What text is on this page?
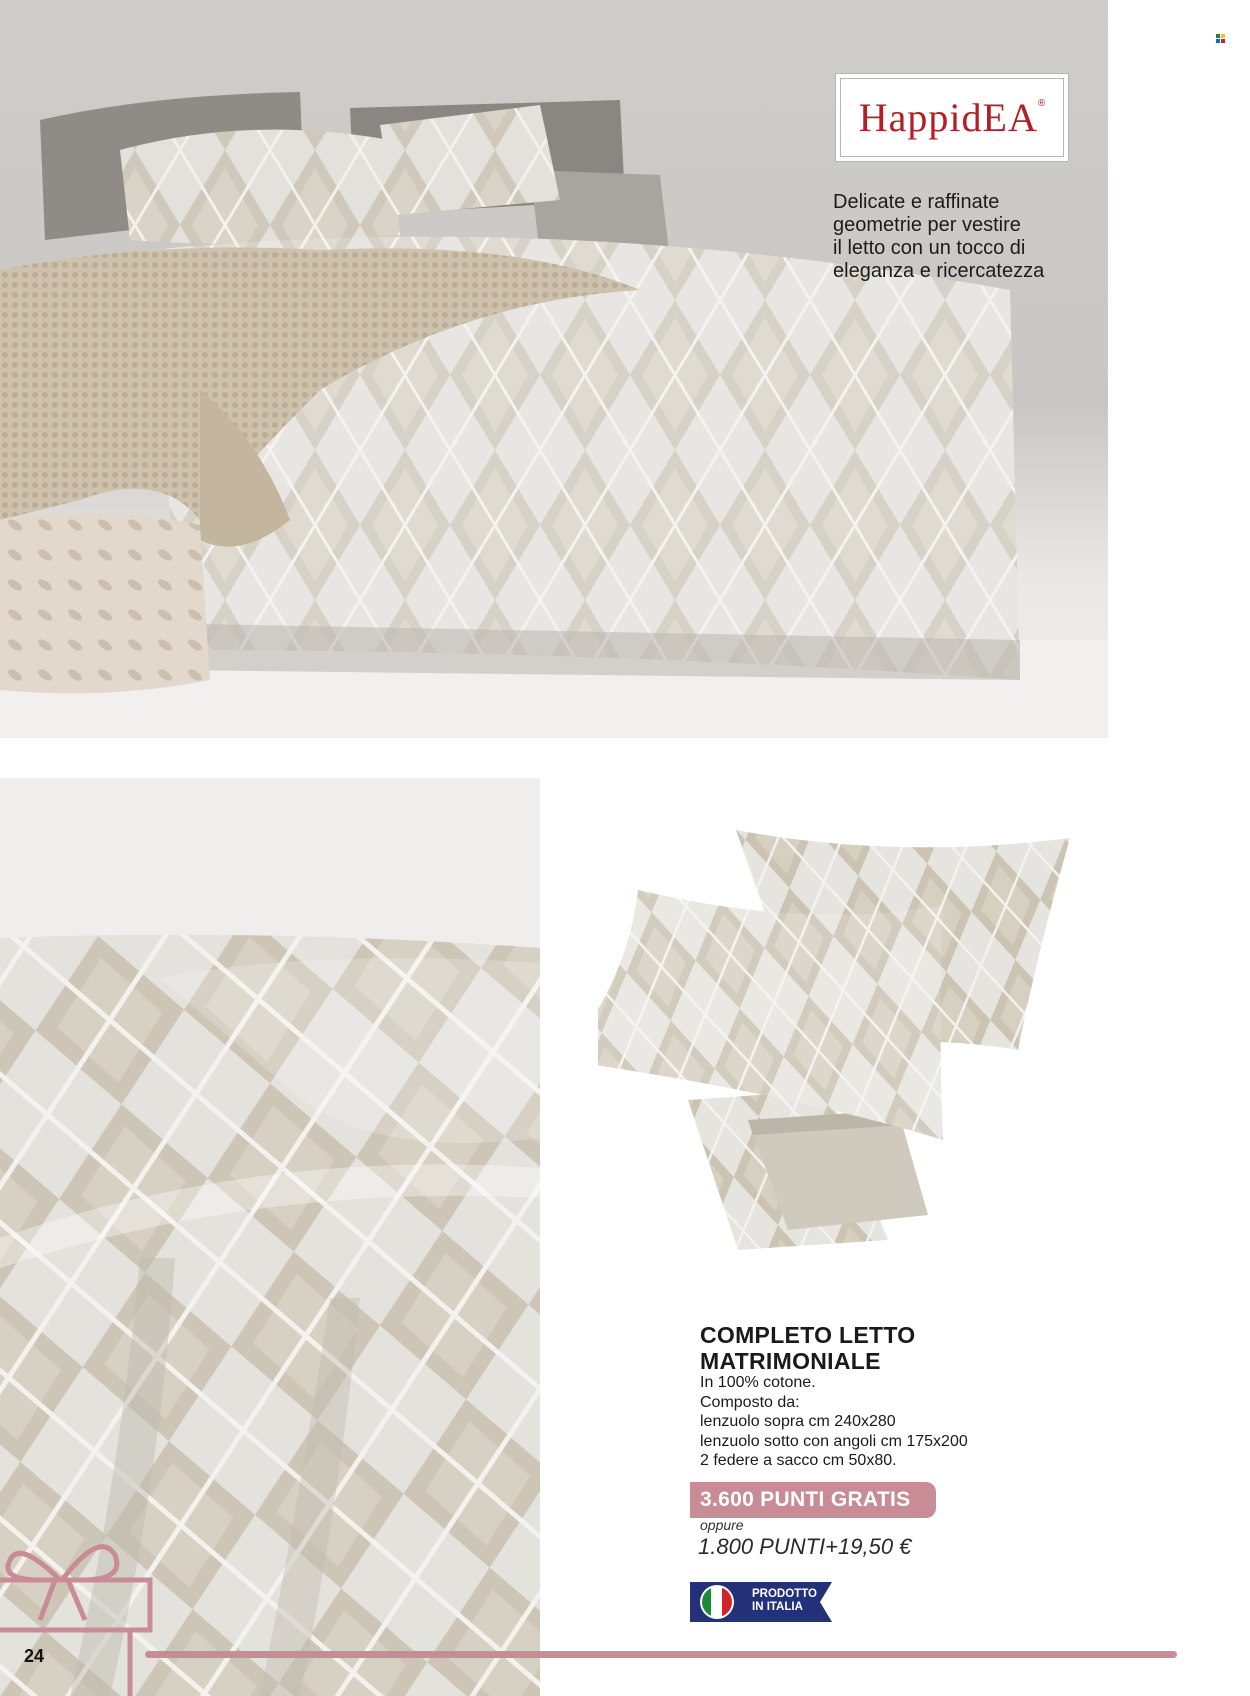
HappidEA®
Delicate e raffinate
geometrie per vestire
il letto con un tocco di
eleganza e ricercatezza
COMPLETO LETTO
MATRIMONIALE
In 100% cotone.
Composto da:
lenzuolo sopra cm 240x280
lenzuolo sotto con angoli cm 175x200
2 federe a sacco cm 50x80.
3.600 PUNTI GRATIS
oppure
1.800 PUNTI+19,50 €
PRODOTTO
IN ITALIA
24
